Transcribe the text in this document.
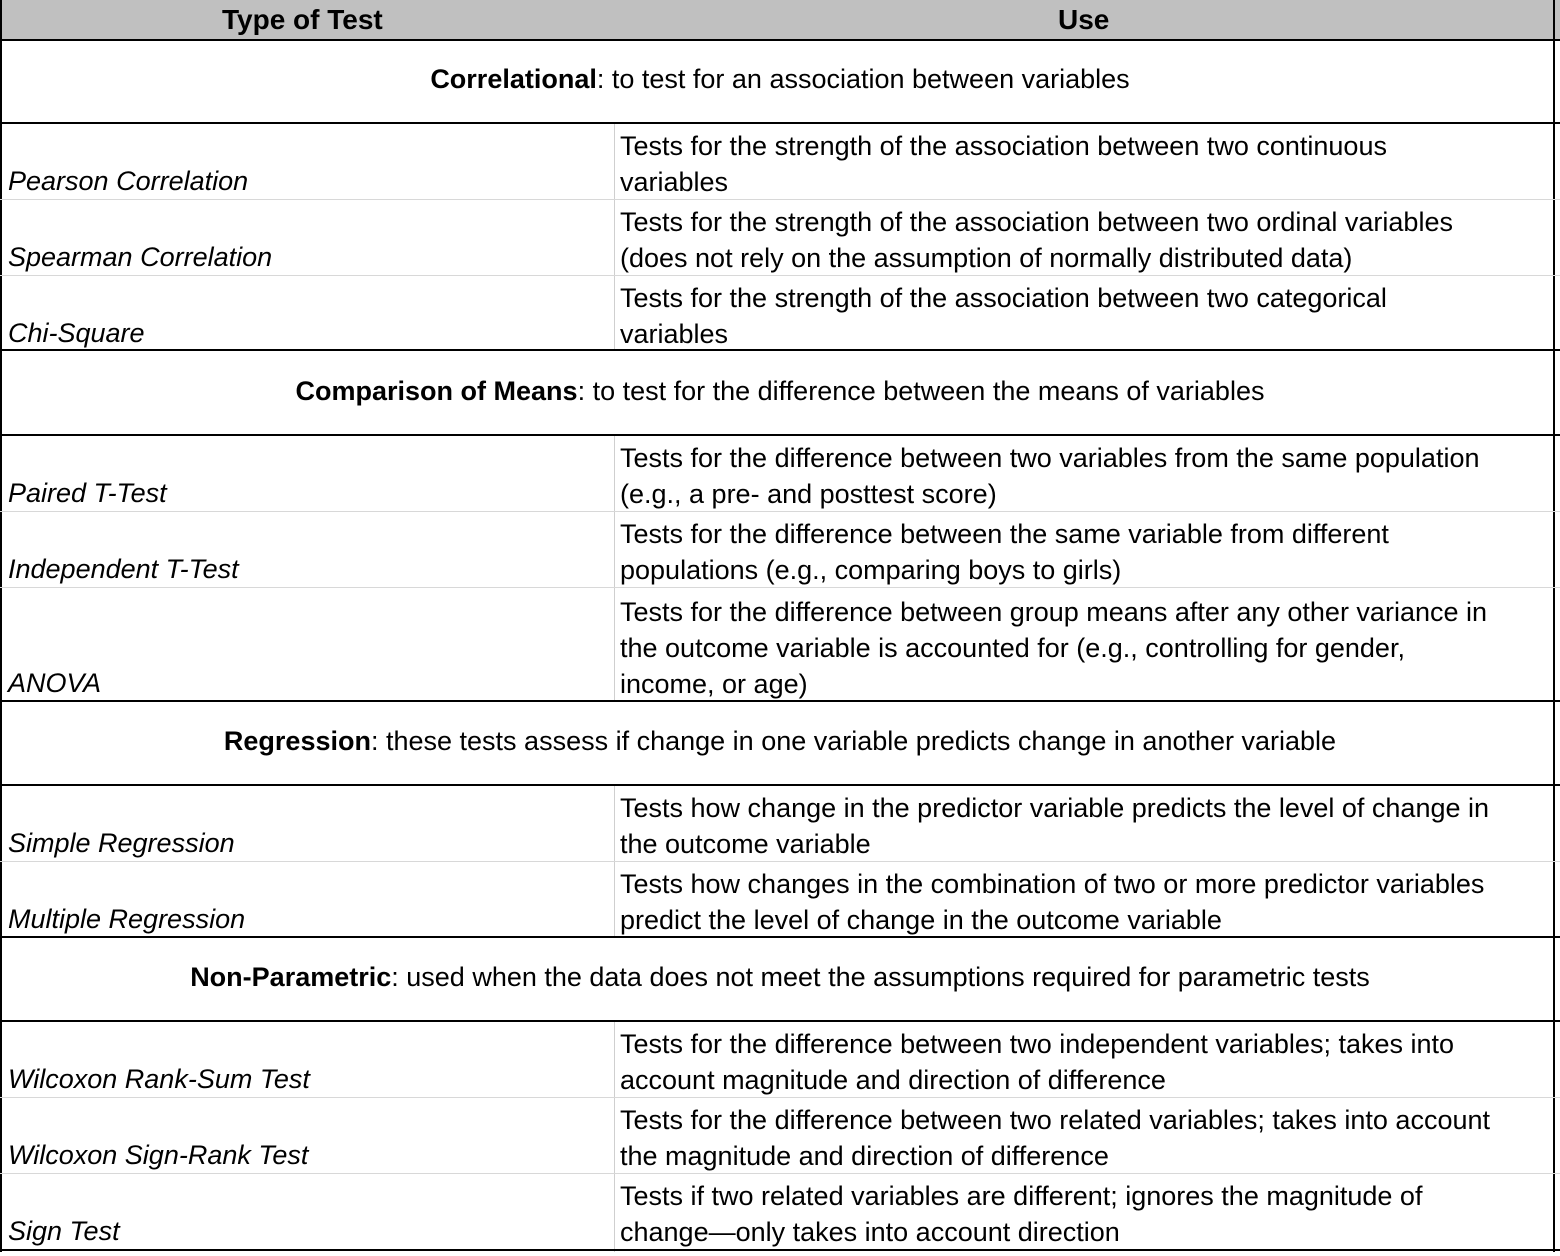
Type of Test	Use
Correlational: to test for an association between variables
Tests for the strength of the association between two continuous
variables
Pearson Correlation
Tests for the strength of the association between two ordinal variables
(does not rely on the assumption of normally distributed data)
Spearman Correlation
Tests for the strength of the association between two categorical
variables
Chi-Square
Comparison of Means: to test for the difference between the means of variables
Tests for the difference between two variables from the same population
(e.g., a pre- and posttest score)
Paired T-Test
Tests for the difference between the same variable from different
populations (e.g., comparing boys to girls)
Independent T-Test
Tests for the difference between group means after any other variance in
the outcome variable is accounted for (e.g., controlling for gender,
income, or age)
ANOVA
Regression: these tests assess if change in one variable predicts change in another variable
Tests how change in the predictor variable predicts the level of change in
the outcome variable
Simple Regression
Tests how changes in the combination of two or more predictor variables
predict the level of change in the outcome variable
Multiple Regression
Non-Parametric: used when the data does not meet the assumptions required for parametric tests
Tests for the difference between two independent variables; takes into
account magnitude and direction of difference
Wilcoxon Rank-Sum Test
Tests for the difference between two related variables; takes into account
the magnitude and direction of difference
Wilcoxon Sign-Rank Test
Tests if two related variables are different; ignores the magnitude of
change—only takes into account direction
Sign Test
